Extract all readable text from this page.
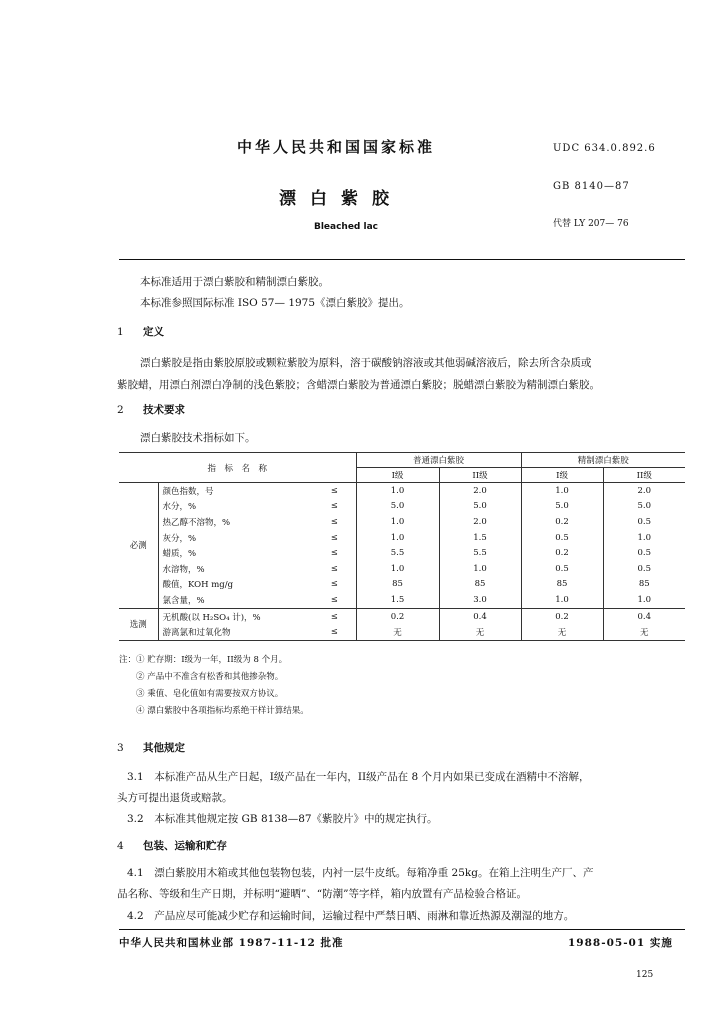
中华人民共和国国家标准	UDC 634.0.892.6
漂白紫胶
GB 8140—87
代替 LY 207— 76
Bleached lac
本标准适用于漂白紫胶和精制漂白紫胶。
本标准参照国际标准 ISO 57— 1975《漂白紫胶》提出。
1 定义
漂白紫胶是指由紫胶原胶或颗粒紫胶为原料，溶于碳酸钠溶液或其他弱碱溶液后，除去所含杂质或
紫胶蜡，用漂白剂漂白净制的浅色紫胶；含蜡漂白紫胶为普通漂白紫胶；脱蜡漂白紫胶为精制漂白紫胶。
2 技术要求
漂白紫胶技术指标如下。
指　标　名　称			普通漂白紫胶		精制漂白紫胶	
			I级	II级	I级	II级
必测	颜色指数，号	≤	1.0	2.0	1.0	2.0
	水分，%	≤	5.0	5.0	5.0	5.0
	热乙醇不溶物，%	≤	1.0	2.0	0.2	0.5
	灰分，%	≤	1.0	1.5	0.5	1.0
	蜡质，%	≤	5.5	5.5	0.2	0.5
	水溶物，%	≤	1.0	1.0	0.5	0.5
	酸值，KOH mg/g	≤	85	85	85	85
	氯含量，%	≤	1.5	3.0	1.0	1.0
选测	无机酸(以 H₂SO₄ 计)，%	≤	0.2	0.4	0.2	0.4
	游离氯和过氧化物	≤	无	无	无	无
注：① 贮存期：I级为一年，II级为 8 个月。
　　② 产品中不准含有松香和其他掺杂物。
　　③ 乘值、皂化值如有需要按双方协议。
　　④ 漂白紫胶中各项指标均系绝干样计算结果。
3 其他规定
3.1　本标准产品从生产日起，I级产品在一年内，II级产品在 8 个月内如果已变成在酒精中不溶解，
头方可提出退货或赔款。
3.2　本标准其他规定按 GB 8138—87《紫胶片》中的规定执行。
4 包装、运输和贮存
4.1　漂白紫胶用木箱或其他包装物包装，内衬一层牛皮纸。每箱净重 25kg。在箱上注明生产厂、产
品名称、等级和生产日期，并标明“避晒”、“防潮”等字样，箱内放置有产品检验合格证。
4.2　产品应尽可能减少贮存和运输时间，运输过程中严禁日晒、雨淋和靠近热源及潮湿的地方。
中华人民共和国林业部 1987-11-12 批准	1988-05-01 实施
125
